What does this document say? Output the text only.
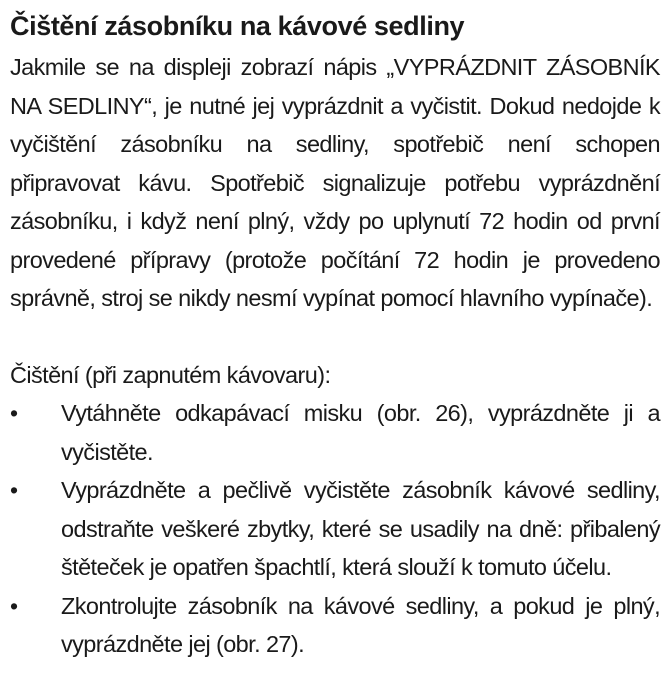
Čištění zásobníku na kávové sedliny

Jakmile se na displeji zobrazí nápis „VYPRÁZDNIT ZÁSOBNÍK NA SEDLINY“, je nutné jej vyprázdnit a vyčistit. Dokud nedojde k vyčištění zásobníku na sedliny, spotřebič není schopen připravovat kávu. Spotřebič signalizuje potřebu vyprázdnění zásobníku, i když není plný, vždy po uplynutí 72 hodin od první provedené přípravy (protože počítání 72 hodin je provedeno správně, stroj se nikdy nesmí vypínat pomocí hlavního vypínače).

Čištění (při zapnutém kávovaru):

•	Vytáhněte odkapávací misku (obr. 26), vyprázdněte ji a vyčistěte.
•	Vyprázdněte a pečlivě vyčistěte zásobník kávové sedliny, odstraňte veškeré zbytky, které se usadily na dně: přibalený štěteček je opatřen špachtlí, která slouží k tomuto účelu.
•	Zkontrolujte zásobník na kávové sedliny, a pokud je plný, vyprázdněte jej (obr. 27).
